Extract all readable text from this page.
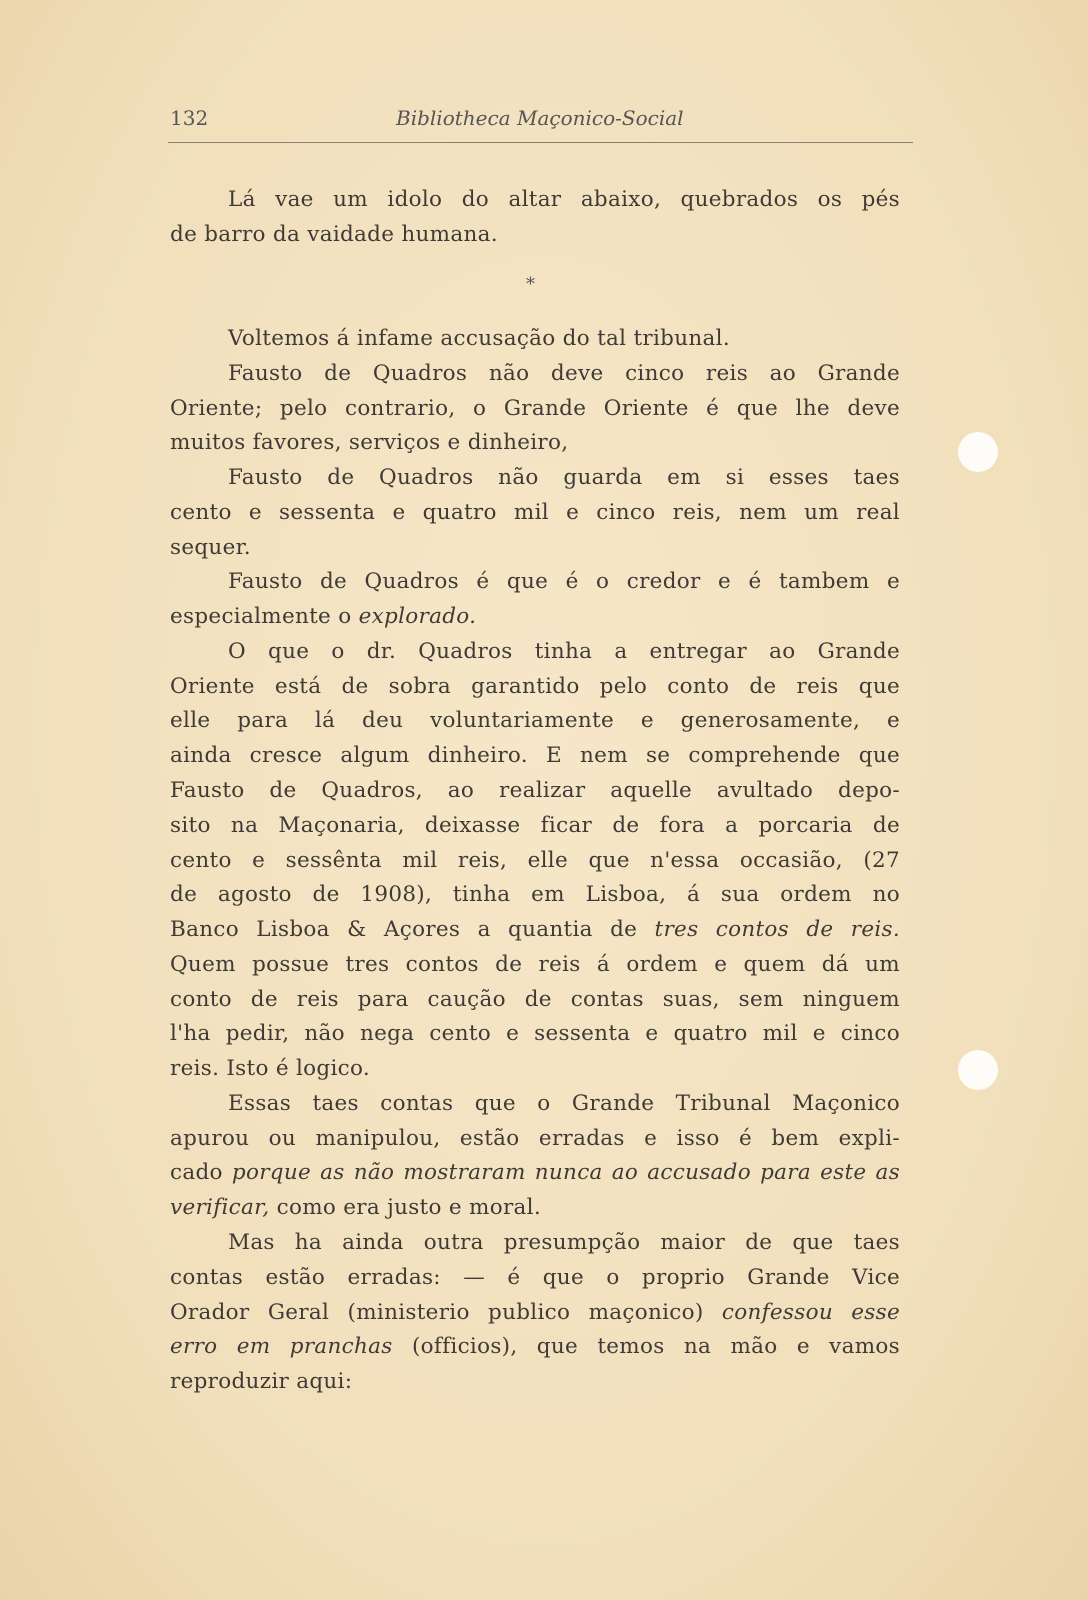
132	Bibliotheca Maçonico-Social
*
Lá vae um idolo do altar abaixo, quebrados os pés
de barro da vaidade humana.
Voltemos á infame accusação do tal tribunal.
Fausto de Quadros não deve cinco reis ao Grande
Oriente; pelo contrario, o Grande Oriente é que lhe deve
muitos favores, serviços e dinheiro,
Fausto de Quadros não guarda em si esses taes
cento e sessenta e quatro mil e cinco reis, nem um real
sequer.
Fausto de Quadros é que é o credor e é tambem e
especialmente o explorado.
O que o dr. Quadros tinha a entregar ao Grande
Oriente está de sobra garantido pelo conto de reis que
elle para lá deu voluntariamente e generosamente, e
ainda cresce algum dinheiro. E nem se comprehende que
Fausto de Quadros, ao realizar aquelle avultado depo-
sito na Maçonaria, deixasse ficar de fora a porcaria de
cento e sessênta mil reis, elle que n'essa occasião, (27
de agosto de 1908), tinha em Lisboa, á sua ordem no
Banco Lisboa & Açores a quantia de tres contos de reis.
Quem possue tres contos de reis á ordem e quem dá um
conto de reis para caução de contas suas, sem ninguem
l'ha pedir, não nega cento e sessenta e quatro mil e cinco
reis. Isto é logico.
Essas taes contas que o Grande Tribunal Maçonico
apurou ou manipulou, estão erradas e isso é bem expli-
cado porque as não mostraram nunca ao accusado para este as
verificar, como era justo e moral.
Mas ha ainda outra presumpção maior de que taes
contas estão erradas: — é que o proprio Grande Vice
Orador Geral (ministerio publico maçonico) confessou esse
erro em pranchas (officios), que temos na mão e vamos
reproduzir aqui:
